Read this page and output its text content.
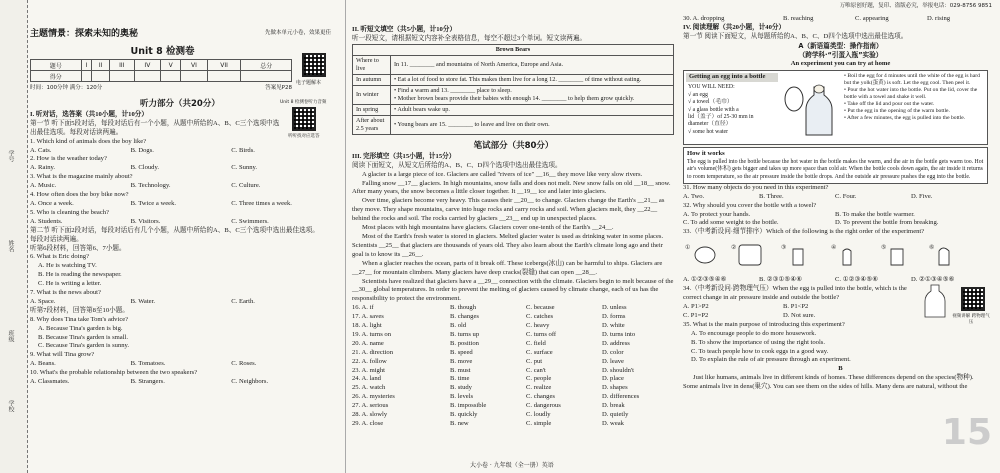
学号
姓名
班级
学校
先做本单元小卷，效果更佳
主题情景：探索未知的奥秘
Unit 8 检测卷
题号	I	II	III	IV	V	VI	VII	总分
得分								
电子题解本
时间：100分钟 满分：120分	答案见P28
听力部分（共20分）	Unit 8 检测卷听力音频
听听找对应选答
I. 听对话，选答案（共10小题，计10分）
第一节 听下面5段对话，每段对话后有一个小题，从题中所给的A、B、C三个选项中选出最佳选项。每段对话读两遍。
1. Which kind of animals does the boy like?
A. Cats.	B. Dogs.	C. Birds.
2. How is the weather today?
A. Rainy.	B. Cloudy.	C. Sunny.
3. What is the magazine mainly about?
A. Music.	B. Technology.	C. Culture.
4. How often does the boy bike now?
A. Once a week.	B. Twice a week.	C. Three times a week.
5. Who is cleaning the beach?
A. Students.	B. Visitors.	C. Swimmers.
第二节 听下面2段对话，每段对话后有几个小题，从题中所给的A、B、C三个选项中选出最佳选项。每段对话读两遍。
听第6段材料，回答第6、7小题。
6. What is Eric doing?
A. He is watching TV.
B. He is reading the newspaper.
C. He is writing a letter.
7. What is the news about?
A. Space.	B. Water.	C. Earth.
听第7段材料，回答第8至10小题。
8. Why does Tina take Tom's advice?
A. Because Tina's garden is big.
B. Because Tina's garden is small.
C. Because Tina's garden is sunny.
9. What will Tina grow?
A. Beans.	B. Tomatoes.	C. Roses.
10. What's the probable relationship between the two speakers?
A. Classmates.	B. Strangers.	C. Neighbors.
II. 听短文填空（共5小题，计10分）
听一段短文，请根据短文内容补全表格信息，每空不超过3个单词。短文读两遍。
Brown Bears	
Where to live	In 11. ________ and mountains of North America, Europe and Asia.
In autumn	• Eat a lot of food to store fat. This makes them live for a long 12. ________ of time without eating.
In winter	• Find a warm and 13. ________ place to sleep.
• Mother brown bears provide their babies with enough 14. ________ to help them grow quickly.
In spring	• Adult bears wake up.
After about 2.5 years	• Young bears are 15. ________ to leave and live on their own.
笔试部分（共80分）
III. 完形填空（共15小题，计15分）
阅读下面短文，从短文后所给的A、B、C、D四个选项中选出最佳选项。
A glacier is a large piece of ice. Glaciers are called "rivers of ice" __16__ they move like very slow rivers.
Falling snow __17__ glaciers. In high mountains, snow falls and does not melt. New snow falls on old __18__ snow. After many years, the snow becomes a little closer together. It __19__ ice and later into glaciers.
Over time, glaciers become very heavy. This causes their __20__ to change. Glaciers change the Earth's __21__ as they move. They shape mountains, carve into huge rocks and carry rocks and soil. When glaciers melt, they __22__ behind the rocks and soil. The rocks carried by glaciers __23__ end up in unexpected places.
Most places with high mountains have glaciers. Glaciers cover one-tenth of the Earth's __24__.
Most of the Earth's fresh water is stored in glaciers. Melted glacier water is used as drinking water in some places. Scientists __25__ that glaciers are thousands of years old. They also learn about the Earth's climate long ago and their goal is to know its __26__.
When a glacier reaches the ocean, parts of it break off. These icebergs(冰山) can be harmful to ships. Glaciers are __27__ for mountain climbers. Many glaciers have deep cracks(裂缝) that can open __28__.
Scientists have realized that glaciers have a __29__ connection with the climate. Glaciers begin to melt because of the __30__ global temperatures. In order to prevent the melting of glaciers caused by climate change, each of us has the responsibility to protect the environment.
16. A. if	B. though	C. because	D. unless
17. A. saves	B. changes	C. catches	D. forms
18. A. light	B. old	C. heavy	D. white
19. A. turns on	B. turns up	C. turns off	D. turns into
20. A. name	B. position	C. field	D. address
21. A. direction	B. speed	C. surface	D. color
22. A. follow	B. move	C. put	D. leave
23. A. might	B. must	C. can't	D. shouldn't
24. A. land	B. time	C. people	D. place
25. A. watch	B. study	C. realize	D. shapes
26. A. mysteries	B. levels	C. changes	D. differences
27. A. serious	B. impossible	C. dangerous	D. break
28. A. slowly	B. quickly	C. loudly	D. quietly
29. A. close	B. new	C. simple	D. weak
大小卷 · 九年级（全一册）英语
万唯原创好题，复印、盗版必究，举报电话：029-8756 9851
30. A. dropping	B. reaching	C. appearing	D. rising
IV. 阅读理解（共20小题，计40分）
第一节 阅读下面短文，从每题所给的A、B、C、D四个选项中选出最佳选项。
A（新语篇类型：操作指南）
（跨学科·“引蛋入瓶”实验）
An experiment you can try at home
Getting an egg into a bottle
YOU WILL NEED:
√ an egg
√ a towel（毛巾）
√ a glass bottle with a
lid（盖子）of 25-30 mm in
diameter（直径）
√ some hot water
• Boil the egg for 4 minutes until the white of the egg is hard but the yolk(蛋黄) is soft. Let the egg cool. Then peel it.
• Pour the hot water into the bottle. Put on the lid, cover the bottle with a towel and shake it well.
• Take off the lid and pour out the water.
• Put the egg in the opening of the warm bottle.
• After a few minutes, the egg is pulled into the bottle.
How it works
The egg is pulled into the bottle because the hot water in the bottle makes the warm, and the air in the bottle gets warm too. Hot air's volume(体积) gets bigger and takes up more space than cold air. When the bottle cools down again, the air inside it returns to room temperature, so the air pressure inside the bottle drops. And the outside air pressure pushes the egg into the bottle.
31. How many objects do you need in this experiment?
A. Two.	B. Three.	C. Four.	D. Five.
32. Why should you cover the bottle with a towel?
A. To protect your hands.	B. To make the bottle warmer.
C. To add some weight to the bottle.	D. To prevent the bottle from breaking.
33.（中考新设问·细节排序）Which of the following is the right order of the experiment?
①	②	③	④	⑤	⑥
A. ①②③⑤④⑥	B. ②③①⑤④⑥	C. ①②③④⑤⑥	D. ②①③④⑤⑥
34.（中考新设问·跨物理气压）When the egg is pulled into the bottle, which is the correct change in air pressure inside and outside the bottle?
A. P1>P2	B. P1<P2
C. P1=P2	D. Not sure.	视频讲解 跨物理气压
35. What is the main purpose of introducing this experiment?
A. To encourage people to do more housework.
B. To show the importance of using the right tools.
C. To teach people how to cook eggs in a good way.
D. To explain the rule of air pressure through an experiment.
B
Just like humans, animals live in different kinds of homes. These differences depend on the species(物种). Some animals live in dens(巢穴). You can see them on the sides of hills. Many dens are natural, without the
15
